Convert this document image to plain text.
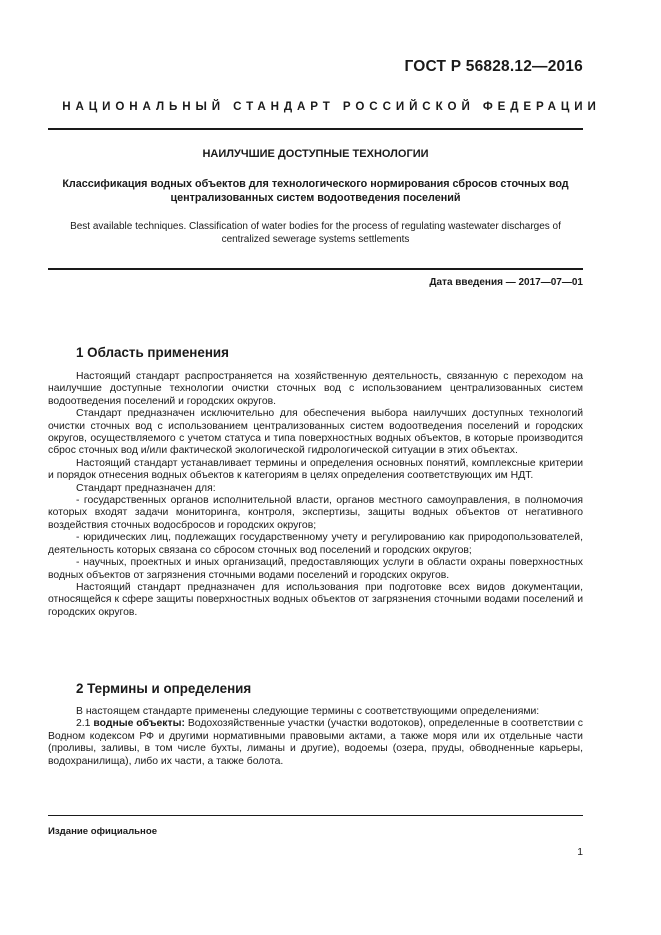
ГОСТ Р 56828.12—2016
НАЦИОНАЛЬНЫЙ СТАНДАРТ РОССИЙСКОЙ ФЕДЕРАЦИИ
НАИЛУЧШИЕ ДОСТУПНЫЕ ТЕХНОЛОГИИ
Классификация водных объектов для технологического нормирования сбросов сточных вод централизованных систем водоотведения поселений
Best available techniques. Classification of water bodies for the process of regulating wastewater discharges of centralized sewerage systems settlements
Дата введения — 2017—07—01
1 Область применения

Настоящий стандарт распространяется на хозяйственную деятельность, связанную с переходом на наилучшие доступные технологии очистки сточных вод с использованием централизованных систем водоотведения поселений и городских округов.

Стандарт предназначен исключительно для обеспечения выбора наилучших доступных технологий очистки сточных вод с использованием централизованных систем водоотведения поселений и городских округов, осуществляемого с учетом статуса и типа поверхностных водных объектов, в которые производится сброс сточных вод и/или фактической экологической гидрологической ситуации в этих объектах.

Настоящий стандарт устанавливает термины и определения основных понятий, комплексные критерии и порядок отнесения водных объектов к категориям в целях определения соответствующих им НДТ.

Стандарт предназначен для:

- государственных органов исполнительной власти, органов местного самоуправления, в полномочия которых входят задачи мониторинга, контроля, экспертизы, защиты водных объектов от негативного воздействия сточных водосбросов и городских округов;

- юридических лиц, подлежащих государственному учету и регулированию как природопользователей, деятельность которых связана со сбросом сточных вод поселений и городских округов;

- научных, проектных и иных организаций, предоставляющих услуги в области охраны поверхностных водных объектов от загрязнения сточными водами поселений и городских округов.

Настоящий стандарт предназначен для использования при подготовке всех видов документации, относящейся к сфере защиты поверхностных водных объектов от загрязнения сточными водами поселений и городских округов.

2 Термины и определения

В настоящем стандарте применены следующие термины с соответствующими определениями:

2.1 водные объекты: Водохозяйственные участки (участки водотоков), определенные в соответствии с Водном кодексом РФ и другими нормативными правовыми актами, а также моря или их отдельные части (проливы, заливы, в том числе бухты, лиманы и другие), водоемы (озера, пруды, обводненные карьеры, водохранилища), либо их части, а также болота.

Издание официальное
1
